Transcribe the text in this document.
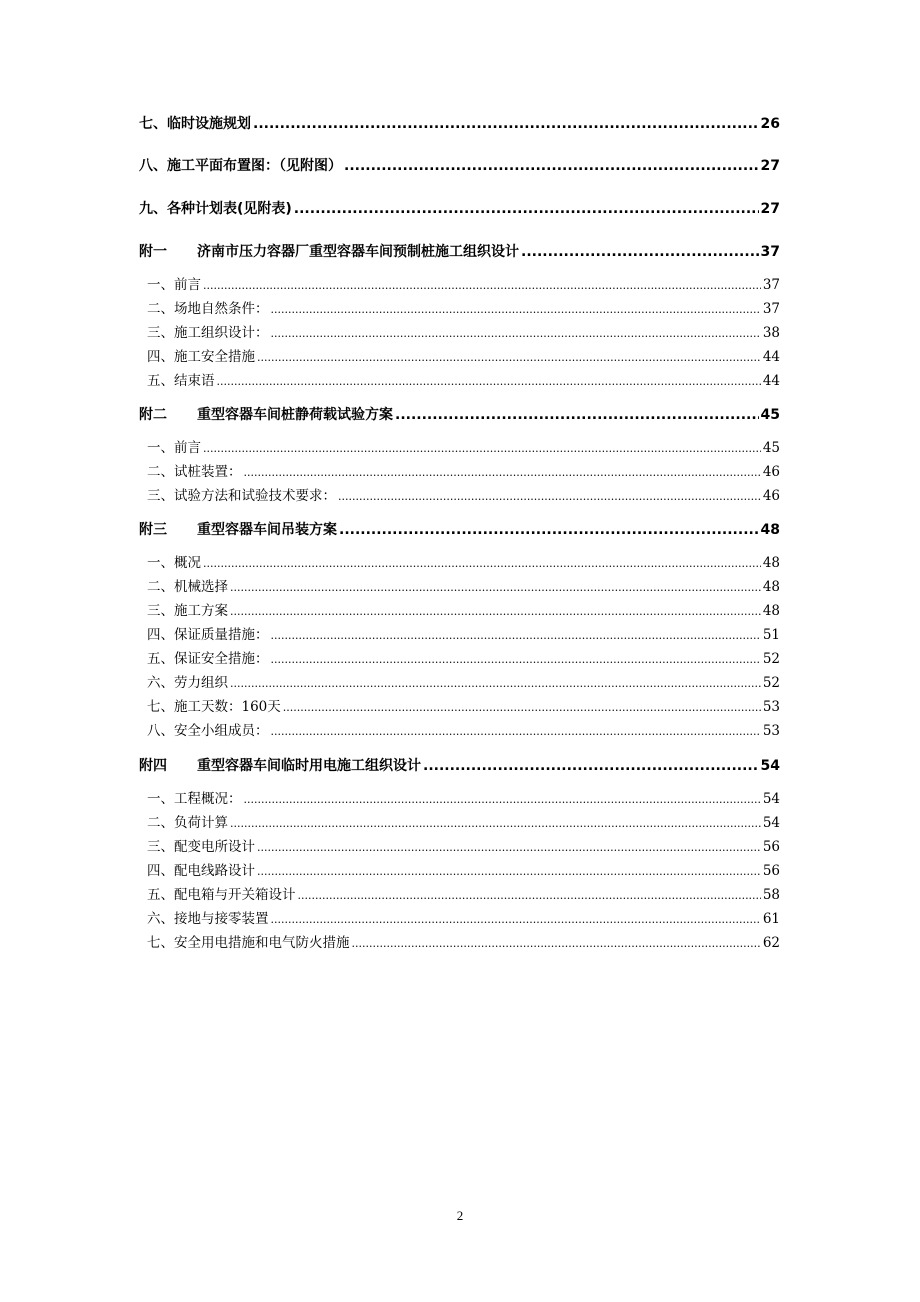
七、临时设施规划 .....	26
八、施工平面布置图：（见附图） .....	27
九、各种计划表(见附表) .....	27
附一 济南市压力容器厂重型容器车间预制桩施工组织设计 .....	37
一、前言 .....	37
二、场地自然条件： .....	37
三、施工组织设计： .....	38
四、施工安全措施 .....	44
五、结束语 .....	44
附二 重型容器车间桩静荷载试验方案 .....	45
一、前言 .....	45
二、试桩装置： .....	46
三、试验方法和试验技术要求： .....	46
附三 重型容器车间吊装方案 .....	48
一、概况 .....	48
二、机械选择 .....	48
三、施工方案 .....	48
四、保证质量措施： .....	51
五、保证安全措施： .....	52
六、劳力组织 .....	52
七、施工天数：160天 .....	53
八、安全小组成员： .....	53
附四 重型容器车间临时用电施工组织设计 .....	54
一、工程概况： .....	54
二、负荷计算 .....	54
三、配变电所设计 .....	56
四、配电线路设计 .....	56
五、配电箱与开关箱设计 .....	58
六、接地与接零装置 .....	61
七、安全用电措施和电气防火措施 .....	62
2
